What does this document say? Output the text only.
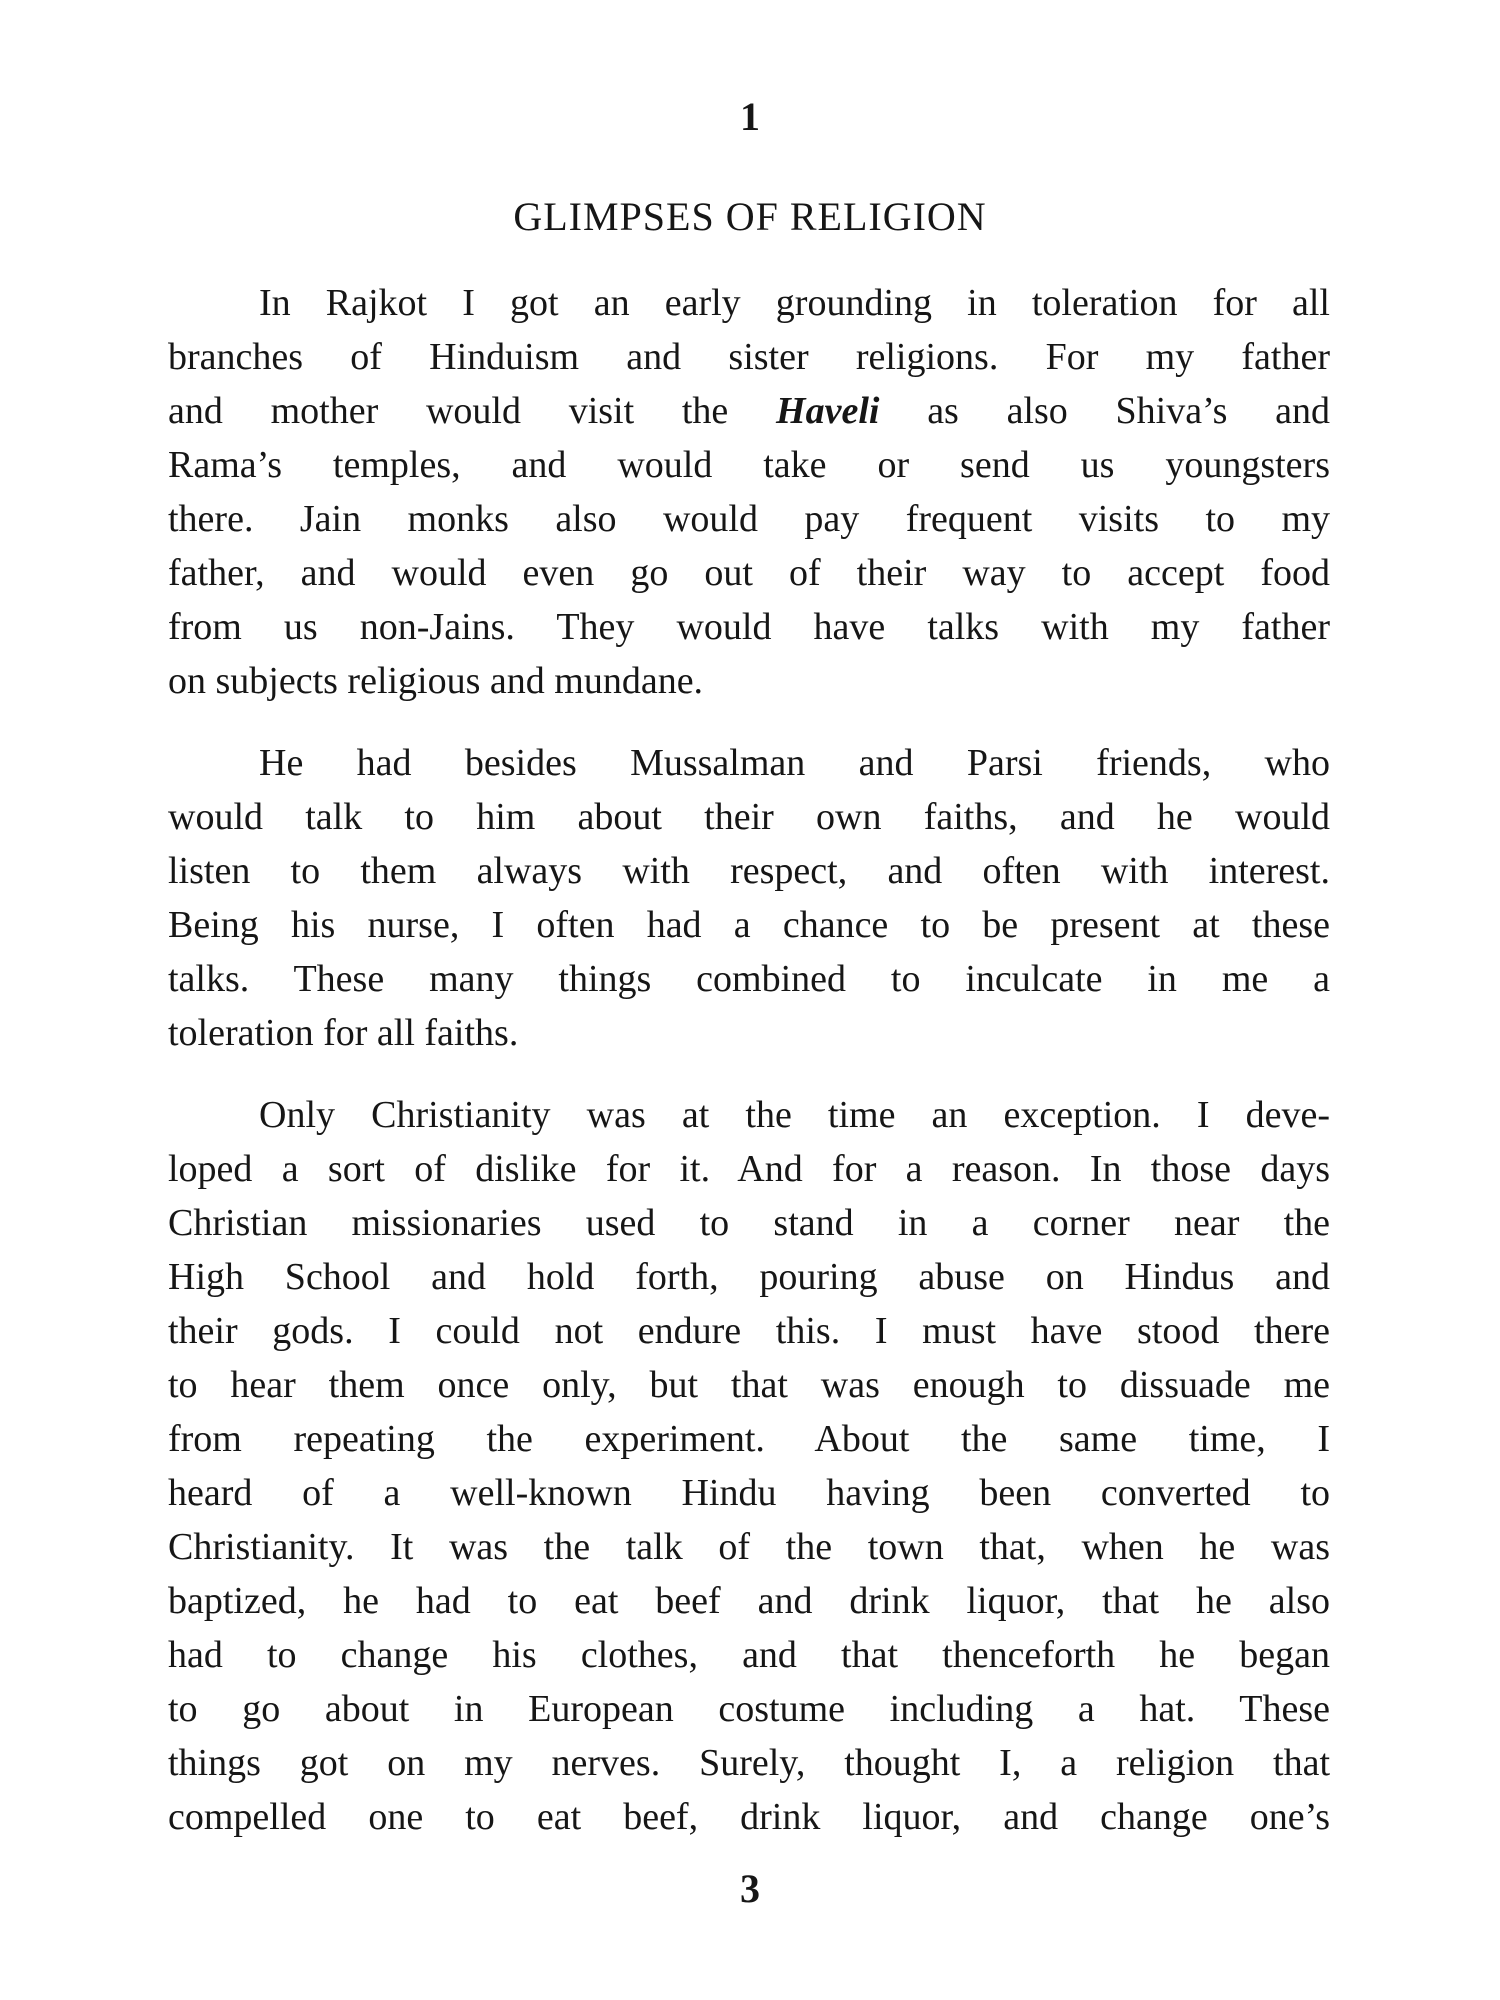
1
GLIMPSES OF RELIGION
In Rajkot I got an early grounding in toleration for all
branches of Hinduism and sister religions. For my father
and mother would visit the Haveli as also Shiva’s and
Rama’s temples, and would take or send us youngsters
there. Jain monks also would pay frequent visits to my
father, and would even go out of their way to accept food
from us non-Jains. They would have talks with my father
on subjects religious and mundane.
He had besides Mussalman and Parsi friends, who
would talk to him about their own faiths, and he would
listen to them always with respect, and often with interest.
Being his nurse, I often had a chance to be present at these
talks. These many things combined to inculcate in me a
toleration for all faiths.
Only Christianity was at the time an exception. I deve-
loped a sort of dislike for it. And for a reason. In those days
Christian missionaries used to stand in a corner near the
High School and hold forth, pouring abuse on Hindus and
their gods. I could not endure this. I must have stood there
to hear them once only, but that was enough to dissuade me
from repeating the experiment. About the same time, I
heard of a well-known Hindu having been converted to
Christianity. It was the talk of the town that, when he was
baptized, he had to eat beef and drink liquor, that he also
had to change his clothes, and that thenceforth he began
to go about in European costume including a hat. These
things got on my nerves. Surely, thought I, a religion that
compelled one to eat beef, drink liquor, and change one’s
3
